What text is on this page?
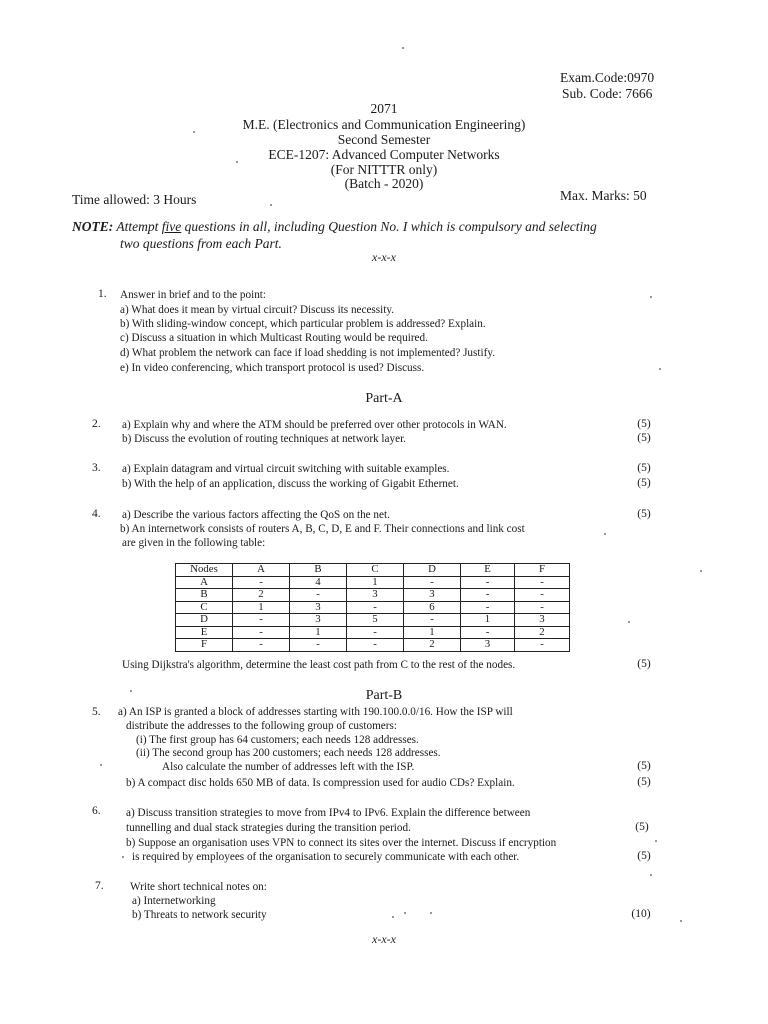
Exam.Code:0970
Sub. Code: 7666
2071
M.E. (Electronics and Communication Engineering)
Second Semester
ECE-1207: Advanced Computer Networks
(For NITTTR only)
(Batch - 2020)
Time allowed: 3 Hours	Max. Marks: 50
NOTE: Attempt five questions in all, including Question No. I which is compulsory and selecting
two questions from each Part.
x-x-x
1. Answer in brief and to the point:
a) What does it mean by virtual circuit? Discuss its necessity.
b) With sliding-window concept, which particular problem is addressed? Explain.
c) Discuss a situation in which Multicast Routing would be required.
d) What problem the network can face if load shedding is not implemented? Justify.
e) In video conferencing, which transport protocol is used? Discuss.
Part-A
2. a) Explain why and where the ATM should be preferred over other protocols in WAN.	(5)
b) Discuss the evolution of routing techniques at network layer.	(5)
3. a) Explain datagram and virtual circuit switching with suitable examples.	(5)
b) With the help of an application, discuss the working of Gigabit Ethernet.	(5)
4. a) Describe the various factors affecting the QoS on the net.	(5)
b) An internetwork consists of routers A, B, C, D, E and F. Their connections and link cost
are given in the following table:
Nodes	A	B	C	D	E	F
A	-	4	1	-	-	-
B	2	-	3	3	-	-
C	1	3	-	6	-	-
D	-	3	5	-	1	3
E	-	1	-	1	-	2
F	-	-	-	2	3	-
Using Dijkstra's algorithm, determine the least cost path from C to the rest of the nodes.	(5)
Part-B
5. a) An ISP is granted a block of addresses starting with 190.100.0.0/16. How the ISP will
distribute the addresses to the following group of customers:
(i) The first group has 64 customers; each needs 128 addresses.
(ii) The second group has 200 customers; each needs 128 addresses.
Also calculate the number of addresses left with the ISP.	(5)
b) A compact disc holds 650 MB of data. Is compression used for audio CDs? Explain.	(5)
6. a) Discuss transition strategies to move from IPv4 to IPv6. Explain the difference between
tunnelling and dual stack strategies during the transition period.	(5)
b) Suppose an organisation uses VPN to connect its sites over the internet. Discuss if encryption
is required by employees of the organisation to securely communicate with each other.	(5)
7. Write short technical notes on:
a) Internetworking
b) Threats to network security	(10)
x-x-x
